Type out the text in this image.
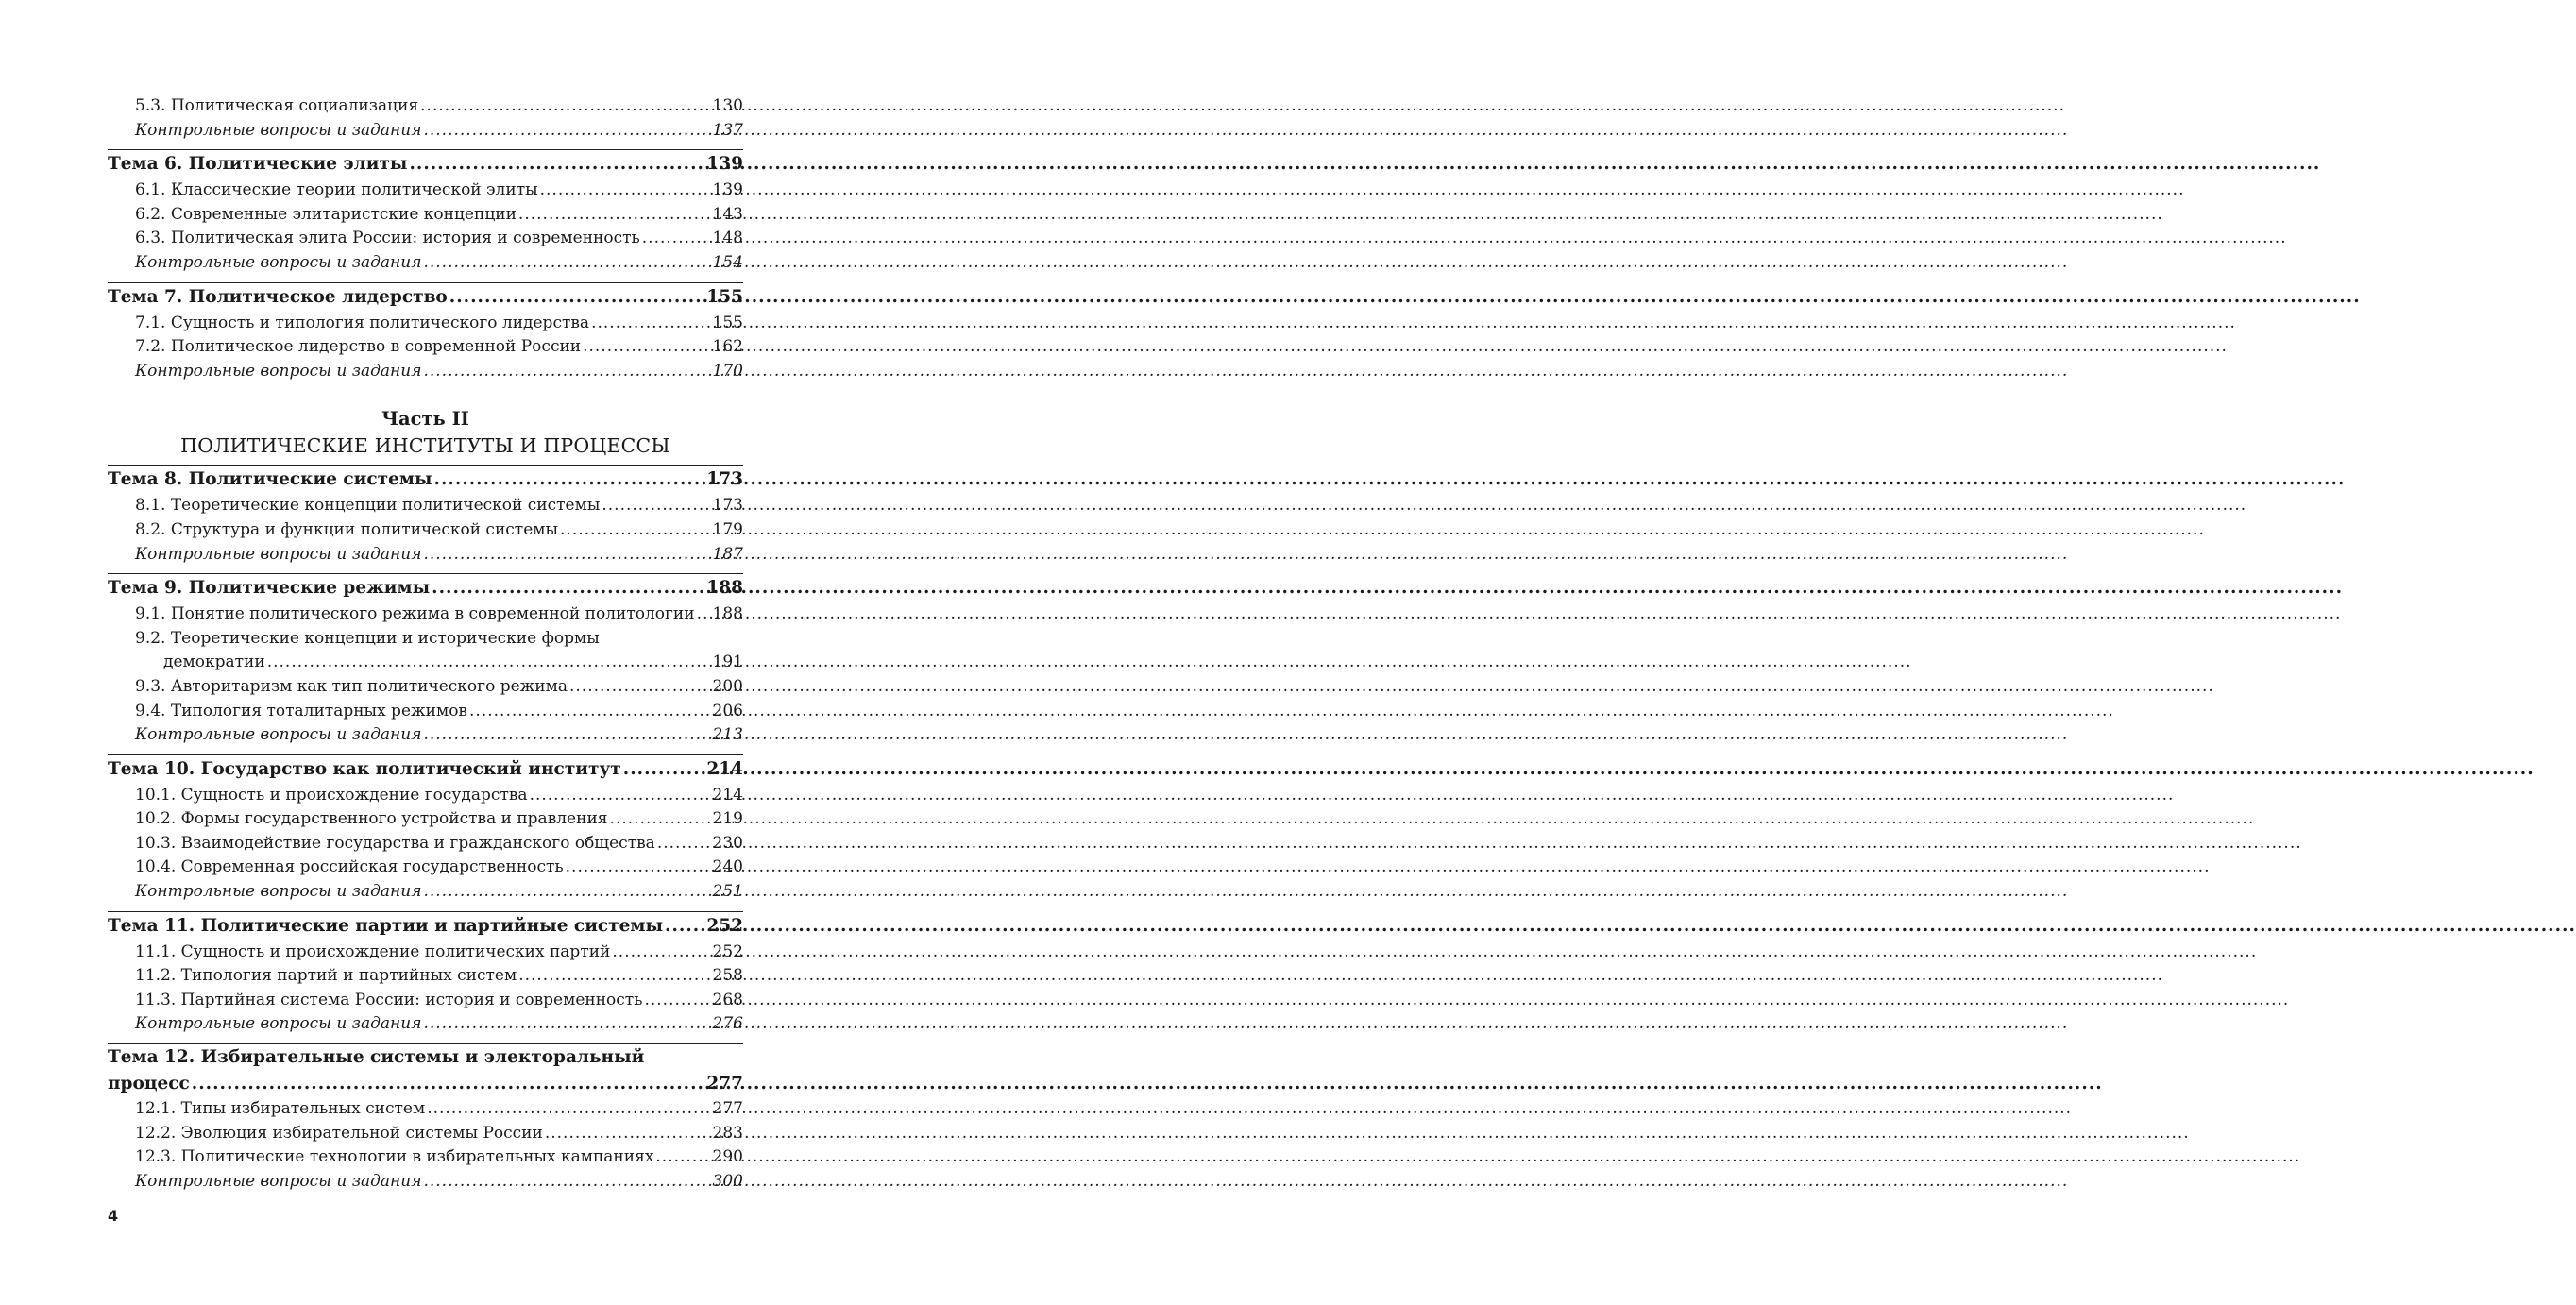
5.3. Политическая социализация .....	130
Контрольные вопросы и задания .....	137
Тема 6. Политические элиты .....	139
6.1. Классические теории политической элиты .....	139
6.2. Современные элитаристские концепции .....	143
6.3. Политическая элита России: история и современность .....	148
Контрольные вопросы и задания .....	154
Тема 7. Политическое лидерство .....	155
7.1. Сущность и типология политического лидерства .....	155
7.2. Политическое лидерство в современной России .....	162
Контрольные вопросы и задания .....	170
Часть II
ПОЛИТИЧЕСКИЕ ИНСТИТУТЫ И ПРОЦЕССЫ
Тема 8. Политические системы .....	173
8.1. Теоретические концепции политической системы .....	173
8.2. Структура и функции политической системы .....	179
Контрольные вопросы и задания .....	187
Тема 9. Политические режимы .....	188
9.1. Понятие политического режима в современной политологии ..... 188
9.2. Теоретические концепции и исторические формы
демократии .....	191
9.3. Авторитаризм как тип политического режима .....	200
9.4. Типология тоталитарных режимов .....	206
Контрольные вопросы и задания .....	213
Тема 10. Государство как политический институт .....	214
10.1. Сущность и происхождение государства .....	214
10.2. Формы государственного устройства и правления .....	219
10.3. Взаимодействие государства и гражданского общества .....	230
10.4. Современная российская государственность .....	240
Контрольные вопросы и задания .....	251
Тема 11. Политические партии и партийные системы .....	252
11.1. Сущность и происхождение политических партий .....	252
11.2. Типология партий и партийных систем .....	258
11.3. Партийная система России: история и современность .....	268
Контрольные вопросы и задания .....	276
Тема 12. Избирательные системы и электоральный
процесс .....	277
12.1. Типы избирательных систем .....	277
12.2. Эволюция избирательной системы России .....	283
12.3. Политические технологии в избирательных кампаниях .....	290
Контрольные вопросы и задания .....	300
4
